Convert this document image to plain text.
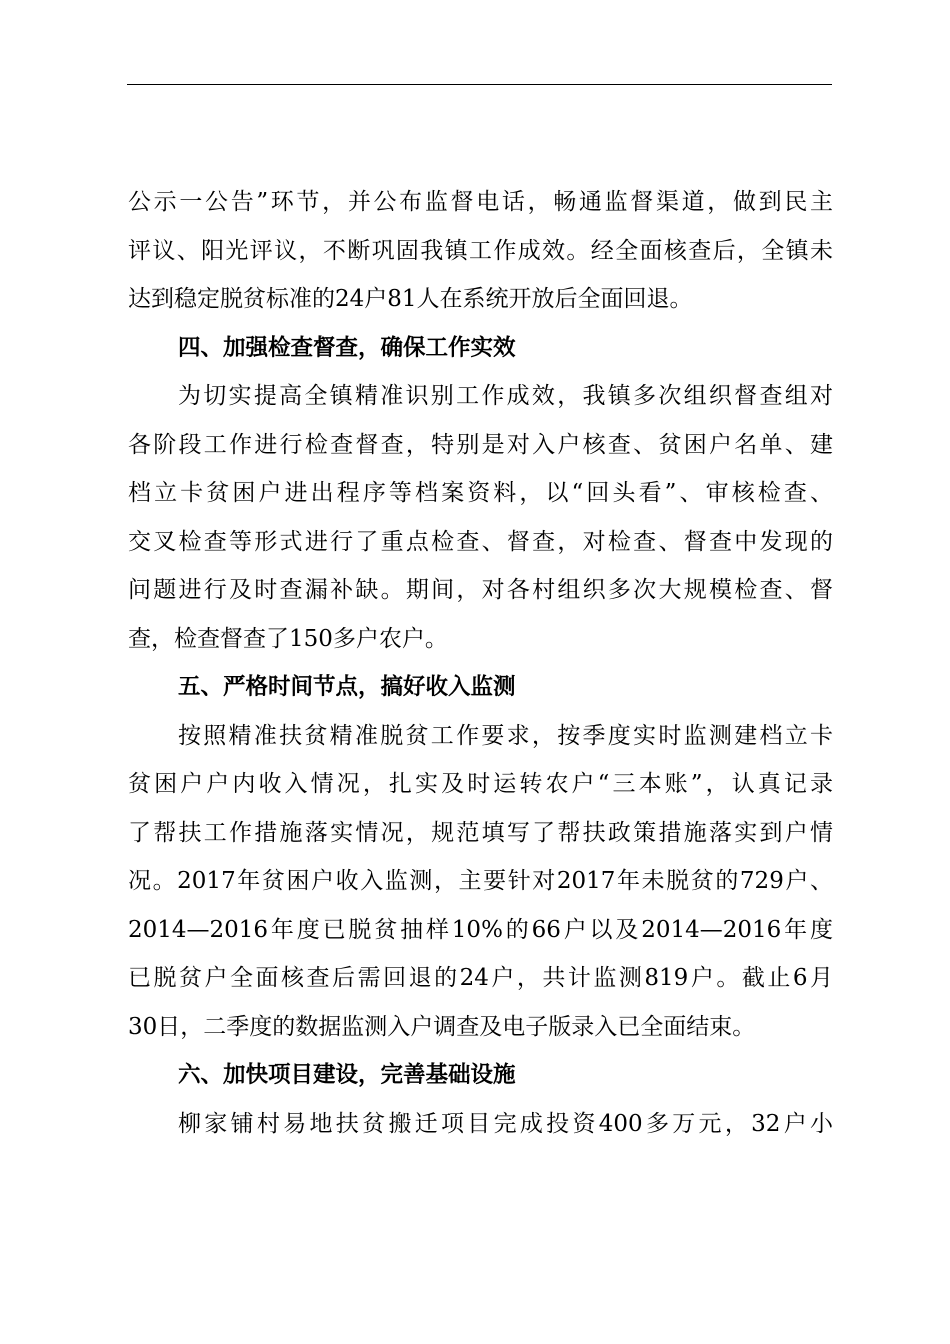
公示一公告”环节，并公布监督电话，畅通监督渠道，做到民主
评议、阳光评议，不断巩固我镇工作成效。经全面核查后，全镇未
达到稳定脱贫标准的24户81人在系统开放后全面回退。
四、加强检查督查，确保工作实效
为切实提高全镇精准识别工作成效，我镇多次组织督查组对
各阶段工作进行检查督查，特别是对入户核查、贫困户名单、建
档立卡贫困户进出程序等档案资料，以“回头看”、审核检查、
交叉检查等形式进行了重点检查、督查，对检查、督查中发现的
问题进行及时查漏补缺。期间，对各村组织多次大规模检查、督
查，检查督查了150多户农户。
五、严格时间节点，搞好收入监测
按照精准扶贫精准脱贫工作要求，按季度实时监测建档立卡
贫困户户内收入情况，扎实及时运转农户“三本账”，认真记录
了帮扶工作措施落实情况，规范填写了帮扶政策措施落实到户情
况。2017年贫困户收入监测，主要针对2017年未脱贫的729户、
2014—2016年度已脱贫抽样10%的66户以及2014—2016年度
已脱贫户全面核查后需回退的24户，共计监测819户。截止6月
30日，二季度的数据监测入户调查及电子版录入已全面结束。
六、加快项目建设，完善基础设施
柳家铺村易地扶贫搬迁项目完成投资400多万元，32户小
